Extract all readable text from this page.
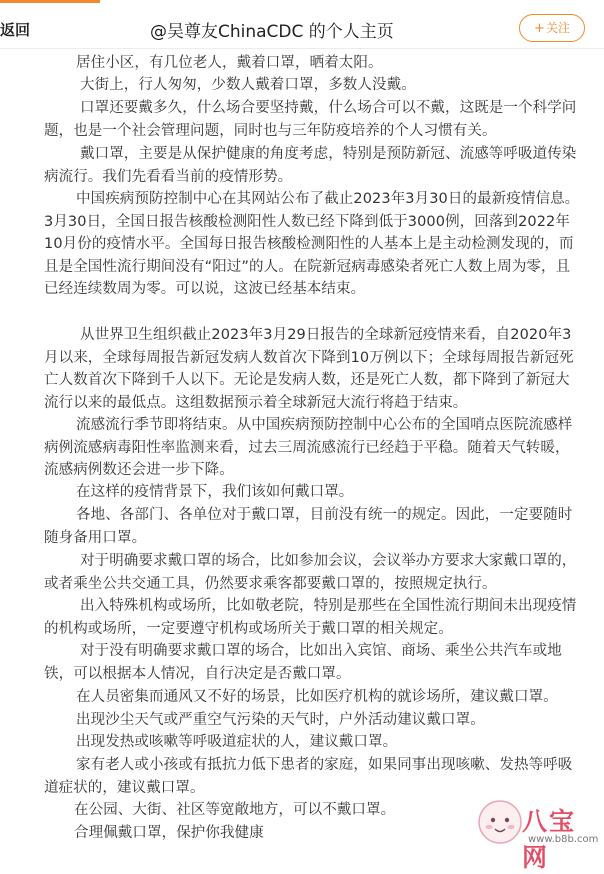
返回	@吴尊友ChinaCDC 的个人主页	+关注

居住小区，有几位老人，戴着口罩，晒着太阳。

大街上，行人匆匆，少数人戴着口罩，多数人没戴。

口罩还要戴多久，什么场合要坚持戴，什么场合可以不戴，这既是一个科学问题，也是一个社会管理问题，同时也与三年防疫培养的个人习惯有关。

戴口罩，主要是从保护健康的角度考虑，特别是预防新冠、流感等呼吸道传染病流行。我们先看看当前的疫情形势。

中国疾病预防控制中心在其网站公布了截止2023年3月30日的最新疫情信息。3月30日，全国日报告核酸检测阳性人数已经下降到低于3000例，回落到2022年10月份的疫情水平。全国每日报告核酸检测阳性的人基本上是主动检测发现的，而且是全国性流行期间没有“阳过”的人。在院新冠病毒感染者死亡人数上周为零，且已经连续数周为零。可以说，这波已经基本结束。

从世界卫生组织截止2023年3月29日报告的全球新冠疫情来看，自2020年3月以来，全球每周报告新冠发病人数首次下降到10万例以下；全球每周报告新冠死亡人数首次下降到千人以下。无论是发病人数，还是死亡人数，都下降到了新冠大流行以来的最低点。这组数据预示着全球新冠大流行将趋于结束。

流感流行季节即将结束。从中国疾病预防控制中心公布的全国哨点医院流感样病例流感病毒阳性率监测来看，过去三周流感流行已经趋于平稳。随着天气转暖，流感病例数还会进一步下降。

在这样的疫情背景下，我们该如何戴口罩。

各地、各部门、各单位对于戴口罩，目前没有统一的规定。因此，一定要随时随身备用口罩。

对于明确要求戴口罩的场合，比如参加会议，会议举办方要求大家戴口罩的，或者乘坐公共交通工具，仍然要求乘客都要戴口罩的，按照规定执行。

出入特殊机构或场所，比如敬老院，特别是那些在全国性流行期间未出现疫情的机构或场所，一定要遵守机构或场所关于戴口罩的相关规定。

对于没有明确要求戴口罩的场合，比如出入宾馆、商场、乘坐公共汽车或地铁，可以根据本人情况，自行决定是否戴口罩。

在人员密集而通风又不好的场景，比如医疗机构的就诊场所，建议戴口罩。

出现沙尘天气或严重空气污染的天气时，户外活动建议戴口罩。

出现发热或咳嗽等呼吸道症状的人，建议戴口罩。

家有老人或小孩或有抵抗力低下患者的家庭，如果同事出现咳嗽、发热等呼吸道症状的，建议戴口罩。

在公园、大街、社区等宽敞地方，可以不戴口罩。

合理佩戴口罩，保护你我健康	八宝网
www.b8b.com
